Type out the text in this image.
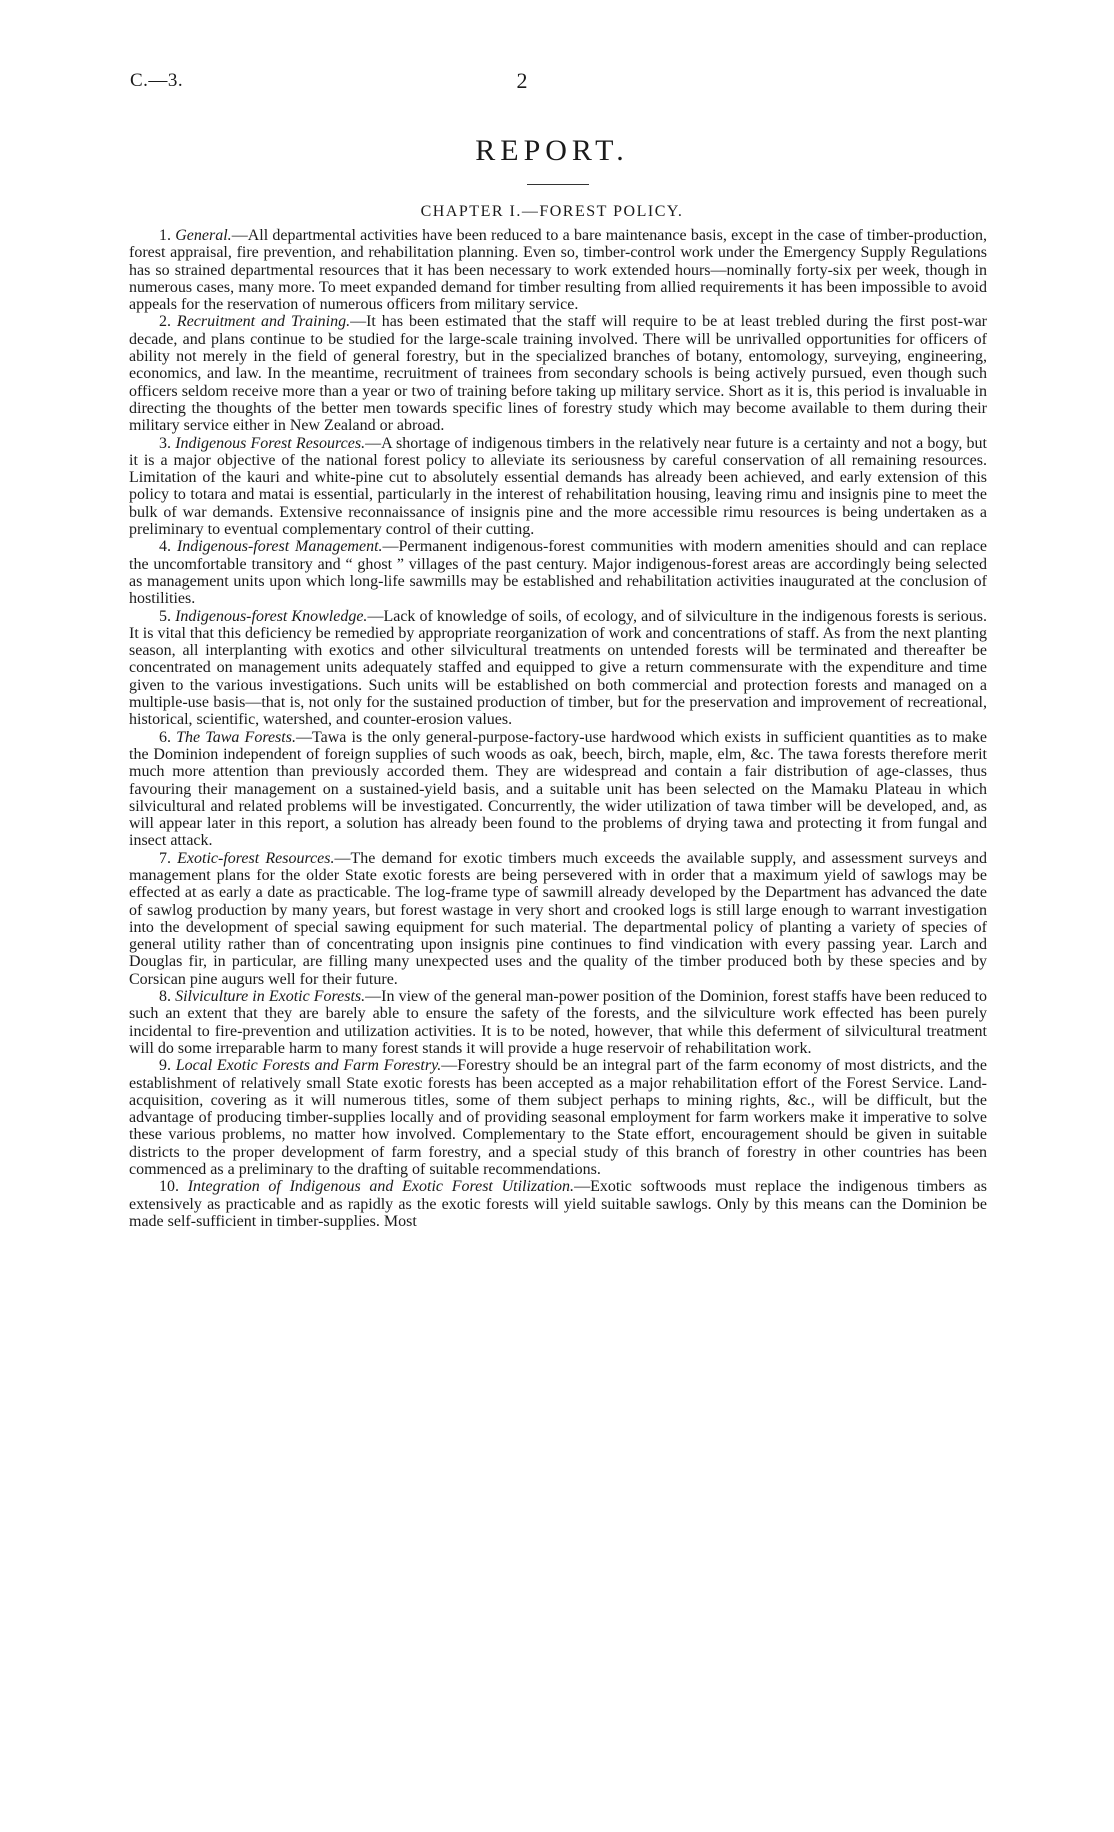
C.—3.	2
REPORT.
CHAPTER I.—FOREST POLICY.

1. General.—All departmental activities have been reduced to a bare maintenance basis, except in the case of timber-production, forest appraisal, fire prevention, and rehabilitation planning. Even so, timber-control work under the Emergency Supply Regulations has so strained departmental resources that it has been necessary to work extended hours—nominally forty-six per week, though in numerous cases, many more. To meet expanded demand for timber resulting from allied requirements it has been impossible to avoid appeals for the reservation of numerous officers from military service.

2. Recruitment and Training.—It has been estimated that the staff will require to be at least trebled during the first post-war decade, and plans continue to be studied for the large-scale training involved. There will be unrivalled opportunities for officers of ability not merely in the field of general forestry, but in the specialized branches of botany, entomology, surveying, engineering, economics, and law. In the meantime, recruitment of trainees from secondary schools is being actively pursued, even though such officers seldom receive more than a year or two of training before taking up military service. Short as it is, this period is invaluable in directing the thoughts of the better men towards specific lines of forestry study which may become available to them during their military service either in New Zealand or abroad.

3. Indigenous Forest Resources.—A shortage of indigenous timbers in the relatively near future is a certainty and not a bogy, but it is a major objective of the national forest policy to alleviate its seriousness by careful conservation of all remaining resources. Limitation of the kauri and white-pine cut to absolutely essential demands has already been achieved, and early extension of this policy to totara and matai is essential, particularly in the interest of rehabilitation housing, leaving rimu and insignis pine to meet the bulk of war demands. Extensive reconnaissance of insignis pine and the more accessible rimu resources is being undertaken as a preliminary to eventual complementary control of their cutting.

4. Indigenous-forest Management.—Permanent indigenous-forest communities with modern amenities should and can replace the uncomfortable transitory and “ ghost ” villages of the past century. Major indigenous-forest areas are accordingly being selected as management units upon which long-life sawmills may be established and rehabilitation activities inaugurated at the conclusion of hostilities.

5. Indigenous-forest Knowledge.—Lack of knowledge of soils, of ecology, and of silviculture in the indigenous forests is serious. It is vital that this deficiency be remedied by appropriate reorganization of work and concentrations of staff. As from the next planting season, all interplanting with exotics and other silvicultural treatments on untended forests will be terminated and thereafter be concentrated on management units adequately staffed and equipped to give a return commensurate with the expenditure and time given to the various investigations. Such units will be established on both commercial and protection forests and managed on a multiple-use basis—that is, not only for the sustained production of timber, but for the preservation and improvement of recreational, historical, scientific, watershed, and counter-erosion values.

6. The Tawa Forests.—Tawa is the only general-purpose-factory-use hardwood which exists in sufficient quantities as to make the Dominion independent of foreign supplies of such woods as oak, beech, birch, maple, elm, &c. The tawa forests therefore merit much more attention than previously accorded them. They are widespread and contain a fair distribution of age-classes, thus favouring their management on a sustained-yield basis, and a suitable unit has been selected on the Mamaku Plateau in which silvicultural and related problems will be investigated. Concurrently, the wider utilization of tawa timber will be developed, and, as will appear later in this report, a solution has already been found to the problems of drying tawa and protecting it from fungal and insect attack.

7. Exotic-forest Resources.—The demand for exotic timbers much exceeds the available supply, and assessment surveys and management plans for the older State exotic forests are being persevered with in order that a maximum yield of sawlogs may be effected at as early a date as practicable. The log-frame type of sawmill already developed by the Department has advanced the date of sawlog production by many years, but forest wastage in very short and crooked logs is still large enough to warrant investigation into the development of special sawing equipment for such material. The departmental policy of planting a variety of species of general utility rather than of concentrating upon insignis pine continues to find vindication with every passing year. Larch and Douglas fir, in particular, are filling many unexpected uses and the quality of the timber produced both by these species and by Corsican pine augurs well for their future.

8. Silviculture in Exotic Forests.—In view of the general man-power position of the Dominion, forest staffs have been reduced to such an extent that they are barely able to ensure the safety of the forests, and the silviculture work effected has been purely incidental to fire-prevention and utilization activities. It is to be noted, however, that while this deferment of silvicultural treatment will do some irreparable harm to many forest stands it will provide a huge reservoir of rehabilitation work.

9. Local Exotic Forests and Farm Forestry.—Forestry should be an integral part of the farm economy of most districts, and the establishment of relatively small State exotic forests has been accepted as a major rehabilitation effort of the Forest Service. Land-acquisition, covering as it will numerous titles, some of them subject perhaps to mining rights, &c., will be difficult, but the advantage of producing timber-supplies locally and of providing seasonal employment for farm workers make it imperative to solve these various problems, no matter how involved. Complementary to the State effort, encouragement should be given in suitable districts to the proper development of farm forestry, and a special study of this branch of forestry in other countries has been commenced as a preliminary to the drafting of suitable recommendations.

10. Integration of Indigenous and Exotic Forest Utilization.—Exotic softwoods must replace the indigenous timbers as extensively as practicable and as rapidly as the exotic forests will yield suitable sawlogs. Only by this means can the Dominion be made self-sufficient in timber-supplies. Most
